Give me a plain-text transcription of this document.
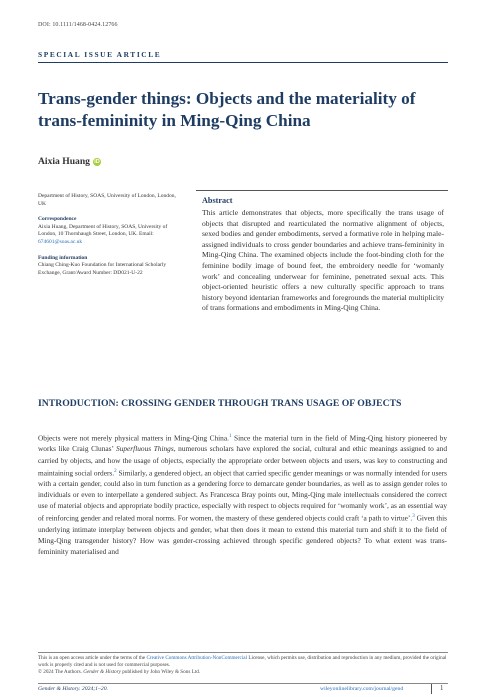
DOI: 10.1111/1468-0424.12766
SPECIAL ISSUE ARTICLE
Trans-gender things: Objects and the materiality of trans-femininity in Ming-Qing China
Aixia Huang iD

Department of History, SOAS, University of London, London, UK

Correspondence

Aixia Huang, Department of History, SOAS, University of London, 10 Thornhaugh Street, London, UK. Email: 674601@soas.ac.uk

Funding information

Chiang Ching-Kuo Foundation for International Scholarly Exchange, Grant/Award Number: DD021-U-22

Abstract

This article demonstrates that objects, more specifically the trans usage of objects that disrupted and rearticulated the normative alignment of objects, sexed bodies and gender embodiments, served a formative role in helping male-assigned individuals to cross gender boundaries and achieve trans-femininity in Ming-Qing China. The examined objects include the foot-binding cloth for the feminine bodily image of bound feet, the embroidery needle for ‘womanly work’ and concealing underwear for feminine, penetrated sexual acts. This object-oriented heuristic offers a new culturally specific approach to trans history beyond identarian frameworks and foregrounds the material multiplicity of trans formations and embodiments in Ming-Qing China.

INTRODUCTION: CROSSING GENDER THROUGH TRANS USAGE OF OBJECTS

Objects were not merely physical matters in Ming-Qing China.$^1$ Since the material turn in the field of Ming-Qing history pioneered by works like Craig Clunas’ Superfluous Things, numerous scholars have explored the social, cultural and ethic meanings assigned to and carried by objects, and how the usage of objects, especially the appropriate order between objects and users, was key to constructing and maintaining social orders.$^2$ Similarly, a gendered object, an object that carried specific gender meanings or was normally intended for users with a certain gender, could also in turn function as a gendering force to demarcate gender boundaries, as well as to assign gender roles to individuals or even to interpellate a gendered subject. As Francesca Bray points out, Ming-Qing male intellectuals considered the correct use of material objects and appropriate bodily practice, especially with respect to objects required for ‘womanly work’, as an essential way of reinforcing gender and related moral norms. For women, the mastery of these gendered objects could craft ‘a path to virtue’.$^3$ Given this underlying intimate interplay between objects and gender, what then does it mean to extend this material turn and shift it to the field of Ming-Qing transgender history? How was gender-crossing achieved through specific gendered objects? To what extent was trans-femininity materialised and

This is an open access article under the terms of the Creative Commons Attribution-NonCommercial License, which permits use, distribution and reproduction in any medium, provided the original work is properly cited and is not used for commercial purposes.
© 2024 The Authors. Gender & History published by John Wiley & Sons Ltd.

Gender & History. 2024;1–20.	wileyonlinelibrary.com/journal/gend	1
